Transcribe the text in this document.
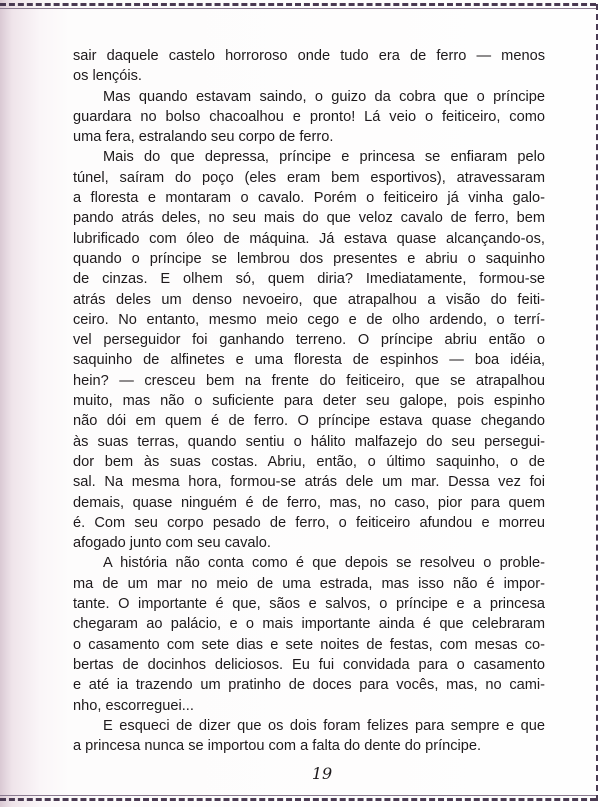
sair daquele castelo horroroso onde tudo era de ferro — menos
os lençóis.
Mas quando estavam saindo, o guizo da cobra que o príncipe
guardara no bolso chacoalhou e pronto! Lá veio o feiticeiro, como
uma fera, estralando seu corpo de ferro.
Mais do que depressa, príncipe e princesa se enfiaram pelo
túnel, saíram do poço (eles eram bem esportivos), atravessaram
a floresta e montaram o cavalo. Porém o feiticeiro já vinha galo-
pando atrás deles, no seu mais do que veloz cavalo de ferro, bem
lubrificado com óleo de máquina. Já estava quase alcançando-os,
quando o príncipe se lembrou dos presentes e abriu o saquinho
de cinzas. E olhem só, quem diria? Imediatamente, formou-se
atrás deles um denso nevoeiro, que atrapalhou a visão do feiti-
ceiro. No entanto, mesmo meio cego e de olho ardendo, o terrí-
vel perseguidor foi ganhando terreno. O príncipe abriu então o
saquinho de alfinetes e uma floresta de espinhos — boa idéia,
hein? — cresceu bem na frente do feiticeiro, que se atrapalhou
muito, mas não o suficiente para deter seu galope, pois espinho
não dói em quem é de ferro. O príncipe estava quase chegando
às suas terras, quando sentiu o hálito malfazejo do seu persegui-
dor bem às suas costas. Abriu, então, o último saquinho, o de
sal. Na mesma hora, formou-se atrás dele um mar. Dessa vez foi
demais, quase ninguém é de ferro, mas, no caso, pior para quem
é. Com seu corpo pesado de ferro, o feiticeiro afundou e morreu
afogado junto com seu cavalo.
A história não conta como é que depois se resolveu o proble-
ma de um mar no meio de uma estrada, mas isso não é impor-
tante. O importante é que, sãos e salvos, o príncipe e a princesa
chegaram ao palácio, e o mais importante ainda é que celebraram
o casamento com sete dias e sete noites de festas, com mesas co-
bertas de docinhos deliciosos. Eu fui convidada para o casamento
e até ia trazendo um pratinho de doces para vocês, mas, no cami-
nho, escorreguei...
E esqueci de dizer que os dois foram felizes para sempre e que
a princesa nunca se importou com a falta do dente do príncipe.
19
